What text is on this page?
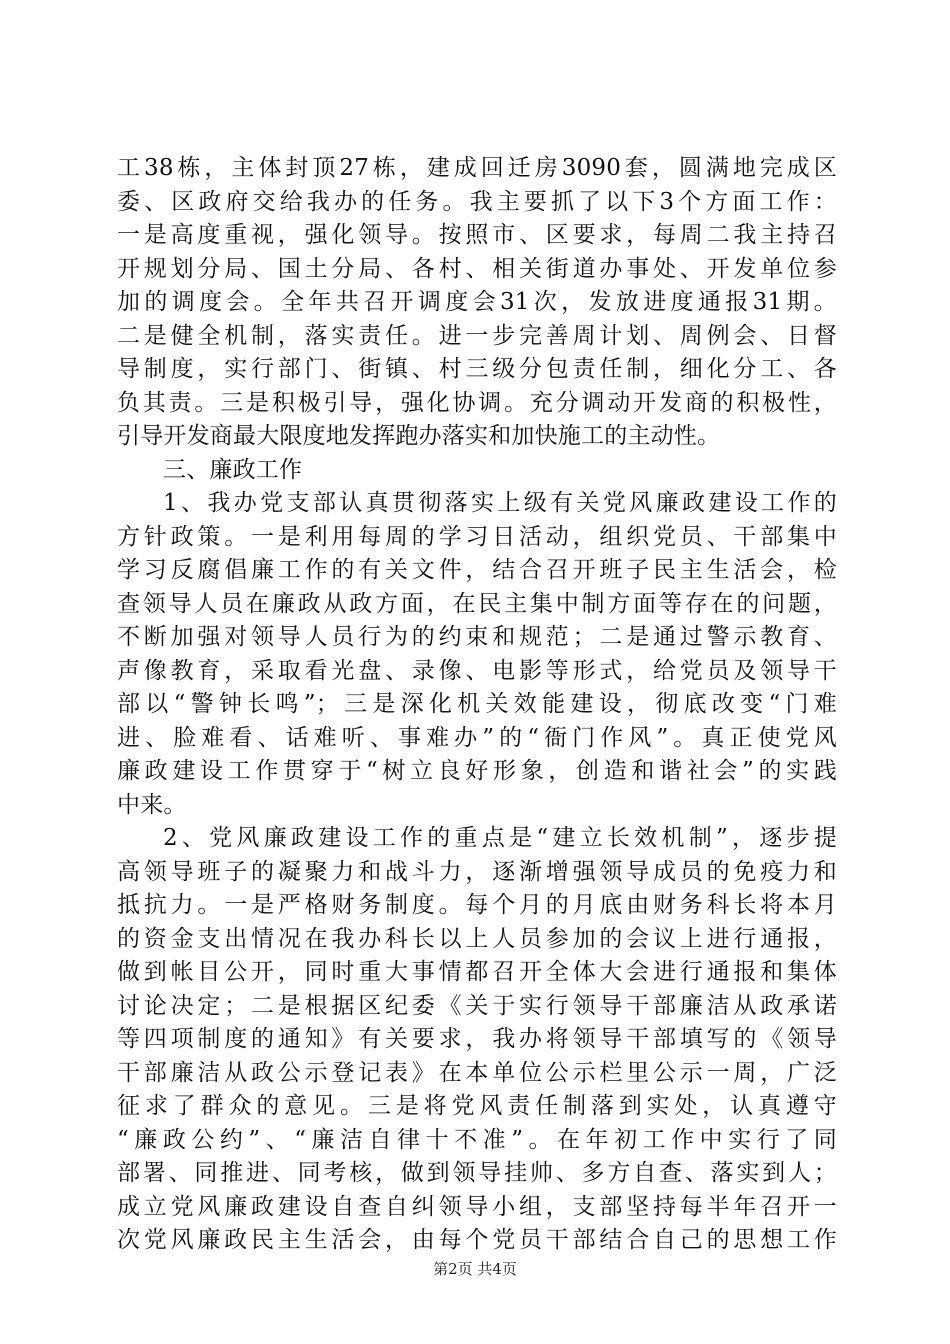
工38栋，主体封顶27栋，建成回迁房3090套，圆满地完成区
委、区政府交给我办的任务。我主要抓了以下3个方面工作：
一是高度重视，强化领导。按照市、区要求，每周二我主持召
开规划分局、国土分局、各村、相关街道办事处、开发单位参
加的调度会。全年共召开调度会31次，发放进度通报31期。
二是健全机制，落实责任。进一步完善周计划、周例会、日督
导制度，实行部门、街镇、村三级分包责任制，细化分工、各
负其责。三是积极引导，强化协调。充分调动开发商的积极性，
引导开发商最大限度地发挥跑办落实和加快施工的主动性。
三、廉政工作
1、我办党支部认真贯彻落实上级有关党风廉政建设工作的
方针政策。一是利用每周的学习日活动，组织党员、干部集中
学习反腐倡廉工作的有关文件，结合召开班子民主生活会，检
查领导人员在廉政从政方面，在民主集中制方面等存在的问题，
不断加强对领导人员行为的约束和规范；二是通过警示教育、
声像教育，采取看光盘、录像、电影等形式，给党员及领导干
部以“警钟长鸣”；三是深化机关效能建设，彻底改变“门难
进、脸难看、话难听、事难办”的“衙门作风”。真正使党风
廉政建设工作贯穿于“树立良好形象，创造和谐社会”的实践
中来。
2、党风廉政建设工作的重点是“建立长效机制”，逐步提
高领导班子的凝聚力和战斗力，逐渐增强领导成员的免疫力和
抵抗力。一是严格财务制度。每个月的月底由财务科长将本月
的资金支出情况在我办科长以上人员参加的会议上进行通报，
做到帐目公开，同时重大事情都召开全体大会进行通报和集体
讨论决定；二是根据区纪委《关于实行领导干部廉洁从政承诺
等四项制度的通知》有关要求，我办将领导干部填写的《领导
干部廉洁从政公示登记表》在本单位公示栏里公示一周，广泛
征求了群众的意见。三是将党风责任制落到实处，认真遵守
“廉政公约”、“廉洁自律十不准”。在年初工作中实行了同
部署、同推进、同考核，做到领导挂帅、多方自查、落实到人；
成立党风廉政建设自查自纠领导小组，支部坚持每半年召开一
次党风廉政民主生活会，由每个党员干部结合自己的思想工作
第2页 共4页
